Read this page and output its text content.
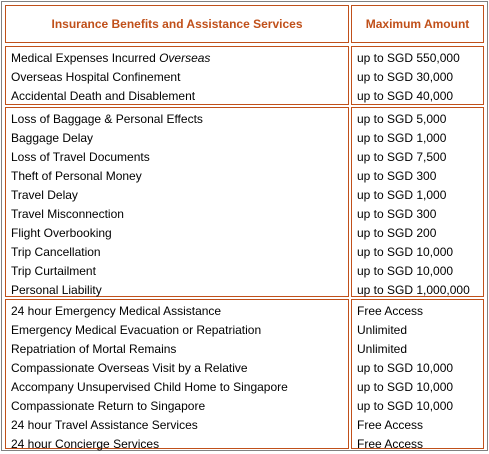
Insurance Benefits and Assistance Services	Maximum Amount
Medical Expenses Incurred Overseas
Overseas Hospital Confinement
Accidental Death and Disablement
up to SGD 550,000
up to SGD 30,000
up to SGD 40,000
Loss of Baggage & Personal Effects
Baggage Delay
Loss of Travel Documents
Theft of Personal Money
Travel Delay
Travel Misconnection
Flight Overbooking
Trip Cancellation
Trip Curtailment
Personal Liability
up to SGD 5,000
up to SGD 1,000
up to SGD 7,500
up to SGD 300
up to SGD 1,000
up to SGD 300
up to SGD 200
up to SGD 10,000
up to SGD 10,000
up to SGD 1,000,000
24 hour Emergency Medical Assistance
Emergency Medical Evacuation or Repatriation
Repatriation of Mortal Remains
Compassionate Overseas Visit by a Relative
Accompany Unsupervised Child Home to Singapore
Compassionate Return to Singapore
24 hour Travel Assistance Services
24 hour Concierge Services
Free Access
Unlimited
Unlimited
up to SGD 10,000
up to SGD 10,000
up to SGD 10,000
Free Access
Free Access
